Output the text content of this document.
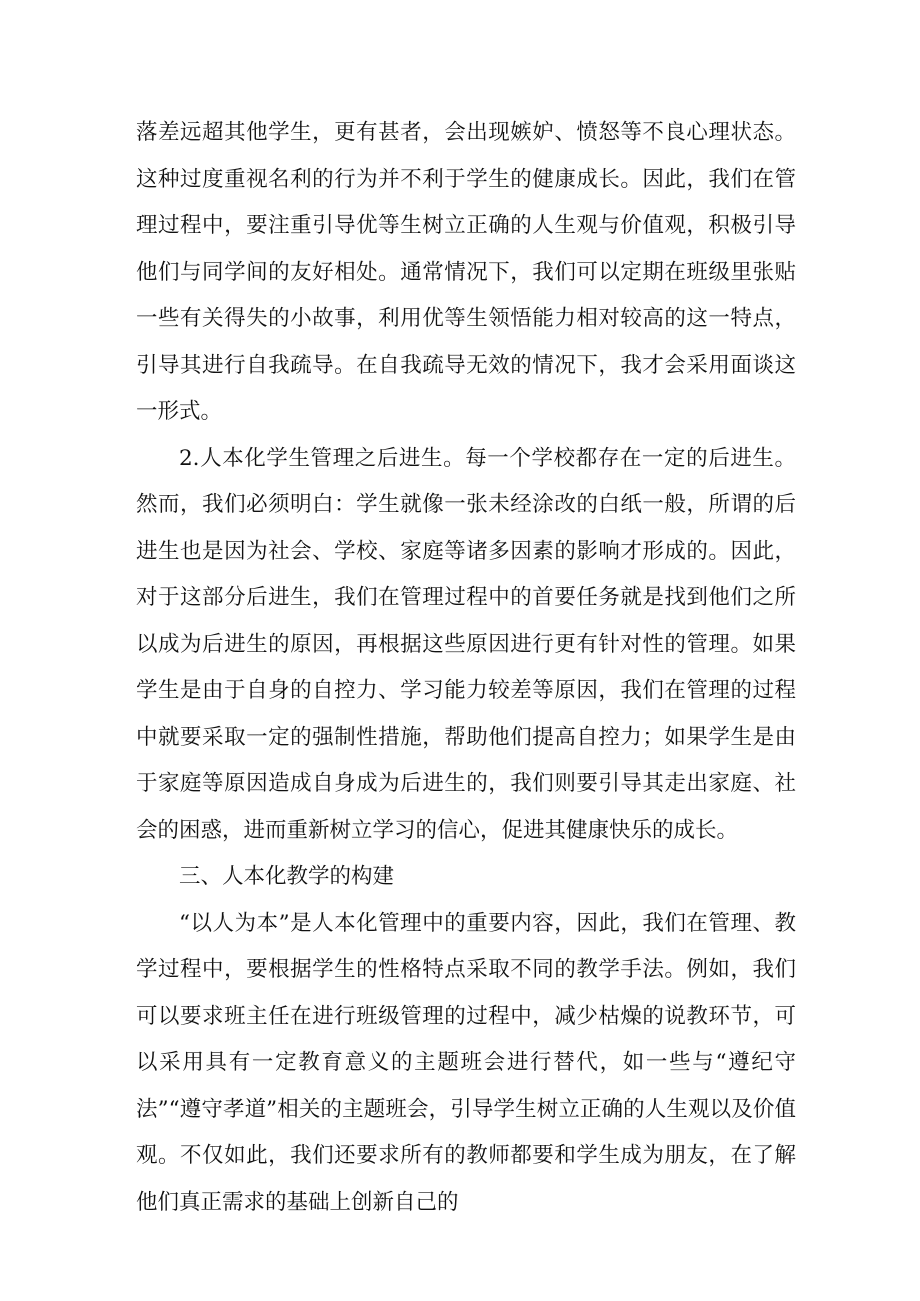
落差远超其他学生，更有甚者，会出现嫉妒、愤怒等不良心理状态。这种过度重视名利的行为并不利于学生的健康成长。因此，我们在管理过程中，要注重引导优等生树立正确的人生观与价值观，积极引导他们与同学间的友好相处。通常情况下，我们可以定期在班级里张贴一些有关得失的小故事，利用优等生领悟能力相对较高的这一特点，引导其进行自我疏导。在自我疏导无效的情况下，我才会采用面谈这一形式。

2.人本化学生管理之后进生。每一个学校都存在一定的后进生。然而，我们必须明白：学生就像一张未经涂改的白纸一般，所谓的后进生也是因为社会、学校、家庭等诸多因素的影响才形成的。因此，对于这部分后进生，我们在管理过程中的首要任务就是找到他们之所以成为后进生的原因，再根据这些原因进行更有针对性的管理。如果学生是由于自身的自控力、学习能力较差等原因，我们在管理的过程中就要采取一定的强制性措施，帮助他们提高自控力；如果学生是由于家庭等原因造成自身成为后进生的，我们则要引导其走出家庭、社会的困惑，进而重新树立学习的信心，促进其健康快乐的成长。

三、人本化教学的构建

“以人为本”是人本化管理中的重要内容，因此，我们在管理、教学过程中，要根据学生的性格特点采取不同的教学手法。例如，我们可以要求班主任在进行班级管理的过程中，减少枯燥的说教环节，可以采用具有一定教育意义的主题班会进行替代，如一些与“遵纪守法”“遵守孝道”相关的主题班会，引导学生树立正确的人生观以及价值观。不仅如此，我们还要求所有的教师都要和学生成为朋友，在了解他们真正需求的基础上创新自己的
